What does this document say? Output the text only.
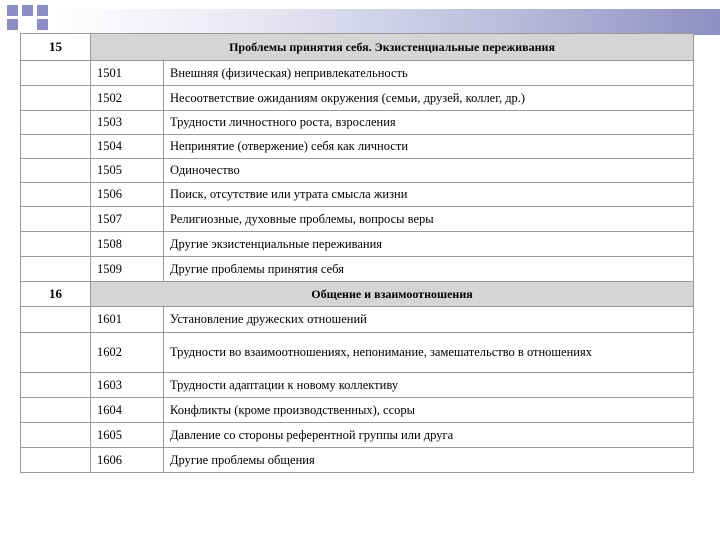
15	Проблемы принятия себя. Экзистенциальные переживания	
	1501	Внешняя (физическая) непривлекательность
	1502	Несоответствие ожиданиям окружения (семьи, друзей, коллег, др.)
	1503	Трудности личностного роста, взросления
	1504	Непринятие (отвержение) себя как личности
	1505	Одиночество
	1506	Поиск, отсутствие или утрата смысла жизни
	1507	Религиозные, духовные проблемы, вопросы веры
	1508	Другие экзистенциальные переживания
	1509	Другие проблемы принятия себя
16	Общение и взаимоотношения	
	1601	Установление дружеских отношений
	1602	Трудности во взаимоотношениях, непонимание, замешательство в отношениях
	1603	Трудности адаптации к новому коллективу
	1604	Конфликты (кроме производственных), ссоры
	1605	Давление со стороны референтной группы или друга
	1606	Другие проблемы общения
